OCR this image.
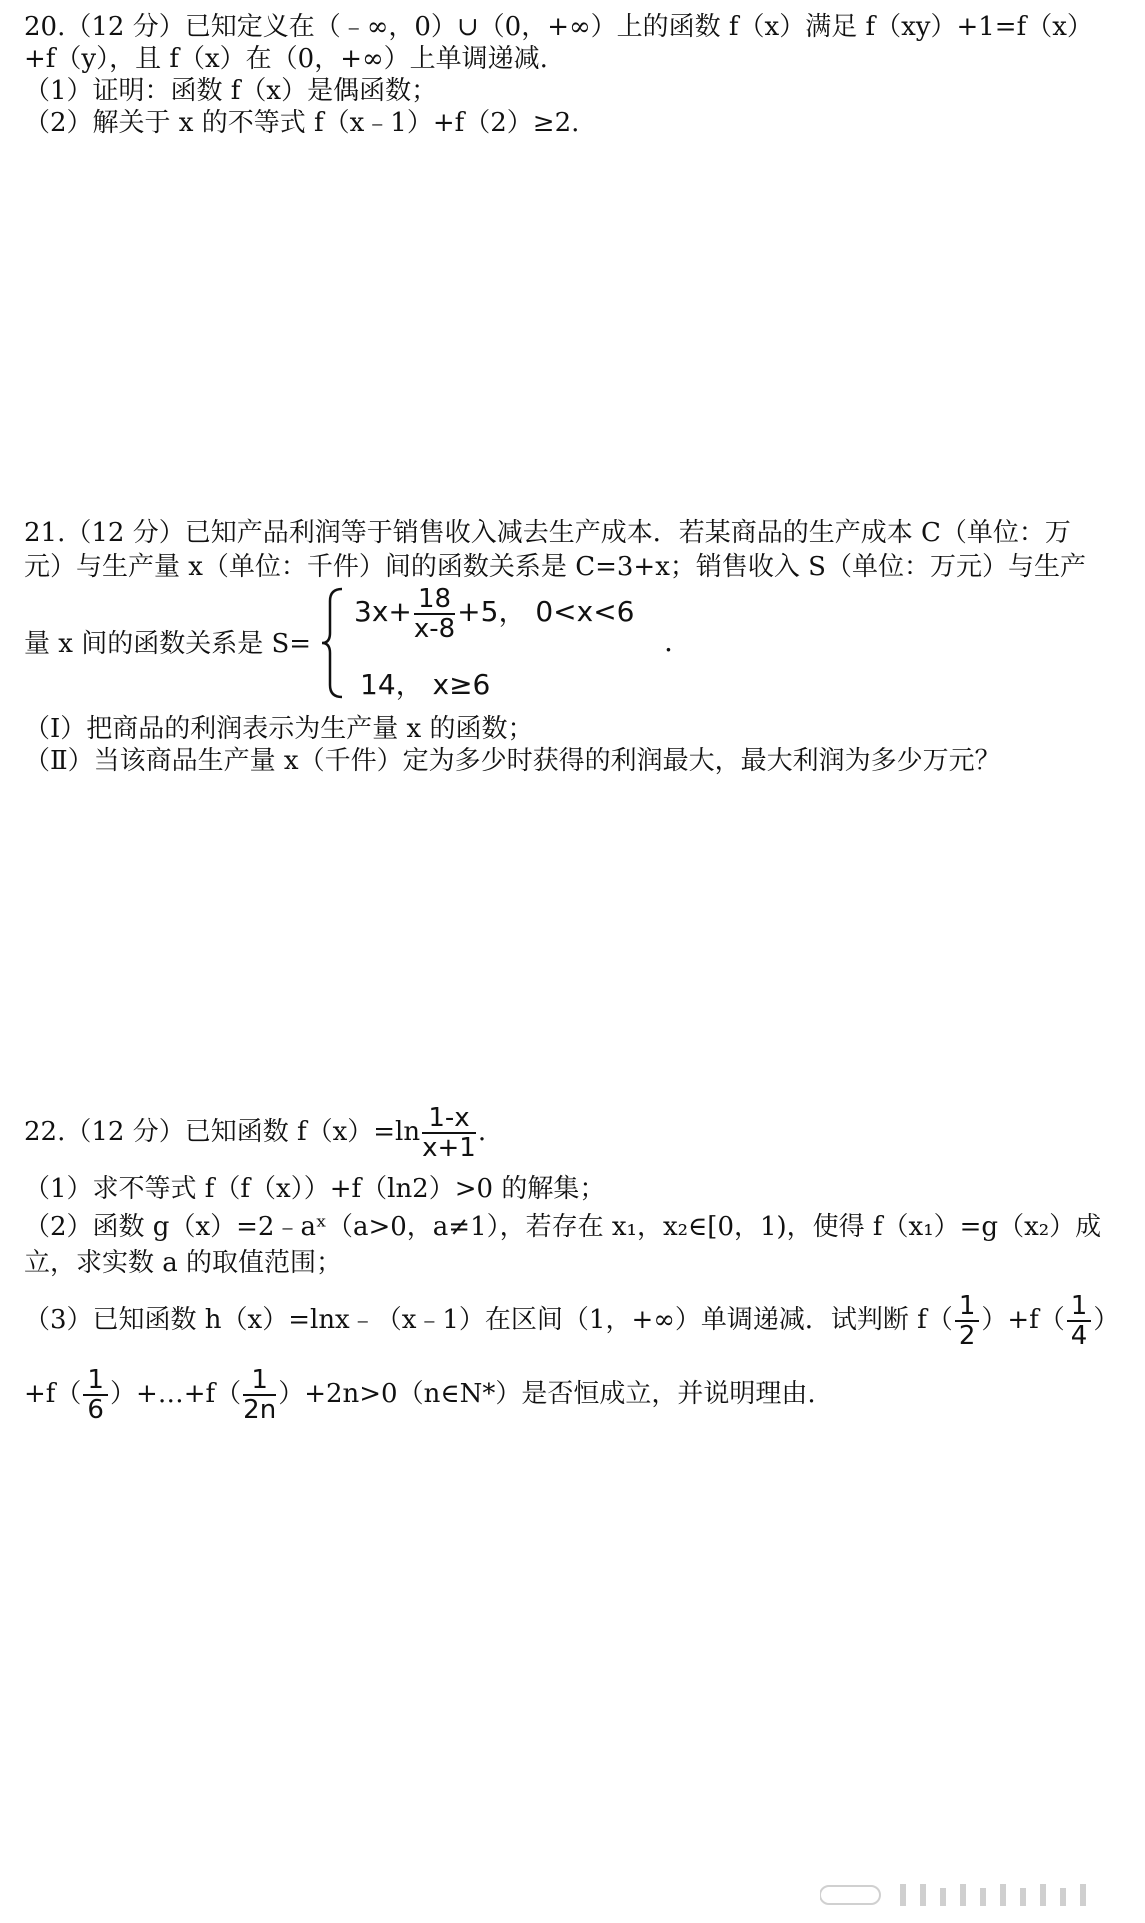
20.（12 分）已知定义在（﹣∞，0）∪（0，+∞）上的函数 f（x）满足 f（xy）+1=f（x）
+f（y），且 f（x）在（0，+∞）上单调递减.
（1）证明：函数 f（x）是偶函数；
（2）解关于 x 的不等式 f（x﹣1）+f（2）≥2.
21.（12 分）已知产品利润等于销售收入减去生产成本．若某商品的生产成本 C（单位：万
元）与生产量 x（单位：千件）间的函数关系是 C=3+x；销售收入 S（单位：万元）与生产
量 x 间的函数关系是 S=
$3x+ \frac{18}{x-8} +5$， 0<x<6
14， x≥6
.
（Ⅰ）把商品的利润表示为生产量 x 的函数；
（Ⅱ）当该商品生产量 x（千件）定为多少时获得的利润最大，最大利润为多少万元？
22.（12 分）已知函数 $f(x)=\ln \frac{1-x}{x+1}$ .
（1）求不等式 f（f（x））+f（ln2）>0 的解集；
（2）函数 g（x）=2﹣aˣ（a>0，a≠1），若存在 x₁，x₂∈[0，1)，使得 f（x₁）=g（x₂）成
立，求实数 a 的取值范围；
（3）已知函数 h（x）=lnx﹣（x﹣1）在区间（1，+∞）单调递减．试判断 $f( \frac{1}{2} )+f( \frac{1}{4}$ ）
$+f( \frac{1}{6}$ ）+…+f（ $\frac{1}{2n}$ ）+2n>0（n∈N*）是否恒成立，并说明理由.
